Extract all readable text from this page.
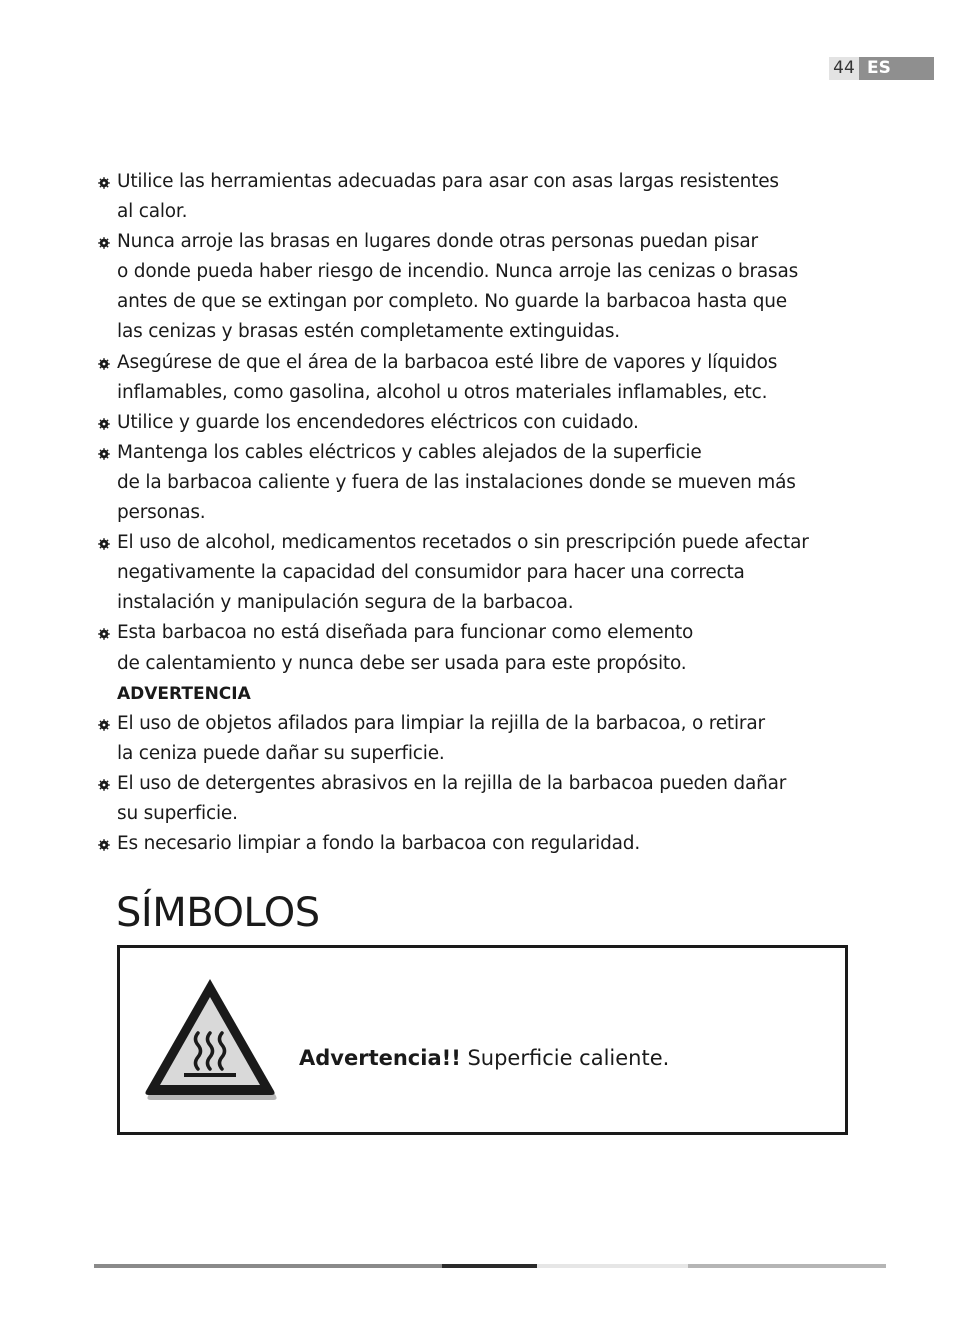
44 ES
Utilice las herramientas adecuadas para asar con asas largas resistentes
al calor.
Nunca arroje las brasas en lugares donde otras personas puedan pisar
o donde pueda haber riesgo de incendio. Nunca arroje las cenizas o brasas
antes de que se extingan por completo. No guarde la barbacoa hasta que
las cenizas y brasas estén completamente extinguidas.
Asegúrese de que el área de la barbacoa esté libre de vapores y líquidos
inflamables, como gasolina, alcohol u otros materiales inflamables, etc.
Utilice y guarde los encendedores eléctricos con cuidado.
Mantenga los cables eléctricos y cables alejados de la superficie
de la barbacoa caliente y fuera de las instalaciones donde se mueven más
personas.
El uso de alcohol, medicamentos recetados o sin prescripción puede afectar
negativamente la capacidad del consumidor para hacer una correcta
instalación y manipulación segura de la barbacoa.
Esta barbacoa no está diseñada para funcionar como elemento
de calentamiento y nunca debe ser usada para este propósito.
ADVERTENCIA
El uso de objetos afilados para limpiar la rejilla de la barbacoa, o retirar
la ceniza puede dañar su superficie.
El uso de detergentes abrasivos en la rejilla de la barbacoa pueden dañar
su superficie.
Es necesario limpiar a fondo la barbacoa con regularidad.
SÍMBOLOS
Advertencia!! Superficie caliente.
